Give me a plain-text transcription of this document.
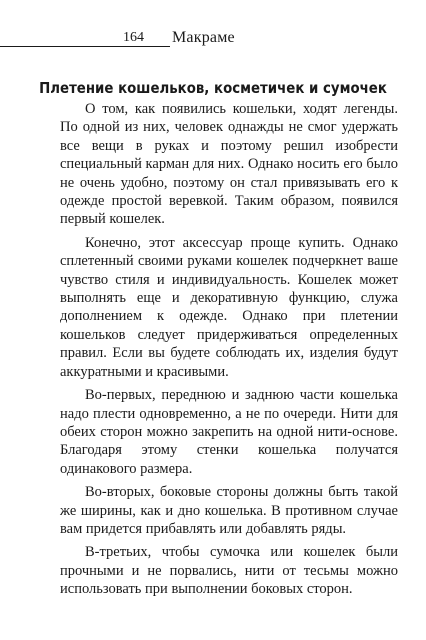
164 Макраме
Плетение кошельков, косметичек и сумочек

О том, как появились кошельки, ходят легенды. По одной из них, человек однажды не смог удержать все вещи в руках и поэтому решил изобрести специальный карман для них. Однако носить его было не очень удобно, поэтому он стал привязывать его к одежде простой веревкой. Таким образом, появился первый кошелек.

Конечно, этот аксессуар проще купить. Однако сплетенный своими руками кошелек подчеркнет ваше чувство стиля и индивидуальность. Кошелек может выполнять еще и декоративную функцию, служа дополнением к одежде. Однако при плетении кошельков следует придерживаться определенных правил. Если вы будете соблюдать их, изделия будут аккуратными и красивыми.

Во-первых, переднюю и заднюю части кошелька надо плести одновременно, а не по очереди. Нити для обеих сторон можно закрепить на одной нити-основе. Благодаря этому стенки кошелька получатся одинакового размера.

Во-вторых, боковые стороны должны быть такой же ширины, как и дно кошелька. В противном случае вам придется прибавлять или добавлять ряды.

В-третьих, чтобы сумочка или кошелек были прочными и не порвались, нити от тесьмы можно использовать при выполнении боковых сторон.
